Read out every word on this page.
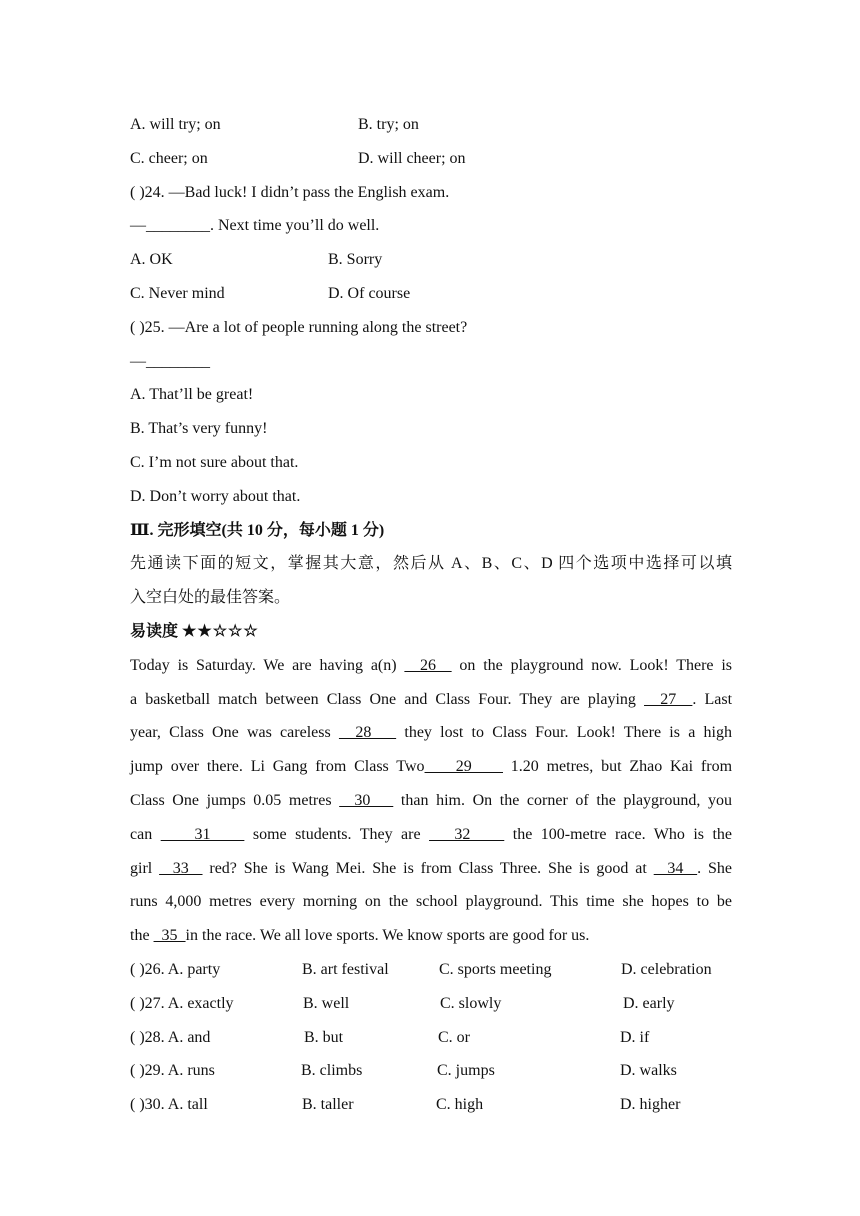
A. will try; on	B. try; on
C. cheer; on	D. will cheer; on
( )24. —Bad luck! I didn’t pass the English exam.
—________. Next time you’ll do well.
A. OK	B. Sorry
C. Never mind	D. Of course
( )25. —Are a lot of people running along the street?
—________
A. That’ll be great!
B. That’s very funny!
C. I’m not sure about that.
D. Don’t worry about that.
Ⅲ. 完形填空(共 10 分，每小题 1 分)
先通读下面的短文，掌握其大意，然后从 A、B、C、D 四个选项中选择可以填
入空白处的最佳答案。
易读度 ★★☆☆☆
Today is Saturday. We are having a(n)   26   on the playground now. Look! There is
a basketball match between Class One and Class Four. They are playing   27  . Last
year, Class One was careless   28    they lost to Class Four. Look! There is a high
jump over there. Li Gang from Class Two    29     1.20 metres, but Zhao Kai from
Class One jumps 0.05 metres   30    than him. On the corner of the playground, you
can     31     some students. They are    32     the 100-metre race. Who is the
girl   33   red? She is Wang Mei. She is from Class Three. She is good at   34  . She
runs 4,000 metres every morning on the school playground. This time she hopes to be
the   35  in the race. We all love sports. We know sports are good for us.
( )26. A. party	B. art festival	C. sports meeting	D. celebration
( )27. A. exactly	B. well	C. slowly	D. early
( )28. A. and	B. but	C. or	D. if
( )29. A. runs	B. climbs	C. jumps	D. walks
( )30. A. tall	B. taller	C. high	D. higher
